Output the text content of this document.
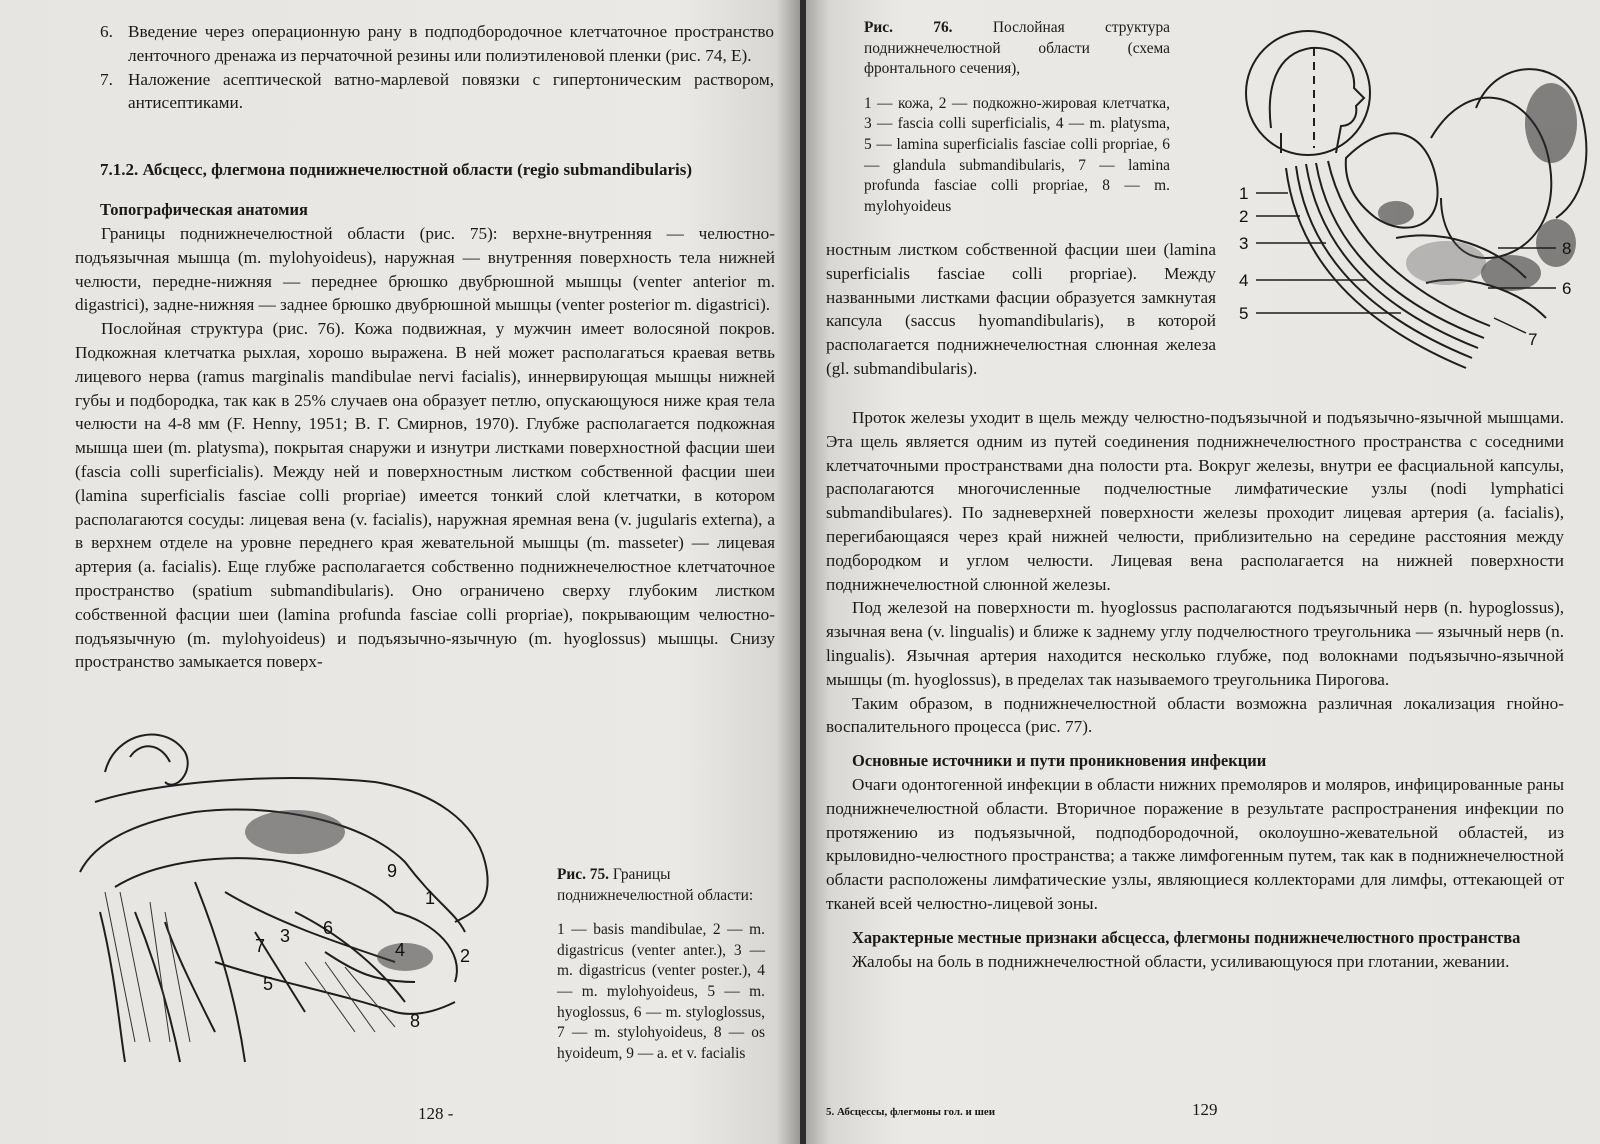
6. Введение через операционную рану в подподбородочное клетчаточное пространство ленточного дренажа из перчаточной резины или полиэтиленовой пленки (рис. 74, Е).
7. Наложение асептической ватно-марлевой повязки с гипертоническим раствором, антисептиками.
7.1.2. Абсцесс, флегмона поднижнечелюстной области (regio submandibularis)
Топографическая анатомия

Границы поднижнечелюстной области (рис. 75): верхне-внутренняя — челюстно-подъязычная мышца (m. mylohyoideus), наружная — внутренняя поверхность тела нижней челюсти, передне-нижняя — переднее брюшко двубрюшной мышцы (venter anterior m. digastrici), задне-нижняя — заднее брюшко двубрюшной мышцы (venter posterior m. digastrici).

Послойная структура (рис. 76). Кожа подвижная, у мужчин имеет волосяной покров. Подкожная клетчатка рыхлая, хорошо выражена. В ней может располагаться краевая ветвь лицевого нерва (ramus marginalis mandibulae nervi facialis), иннервирующая мышцы нижней губы и подбородка, так как в 25% случаев она образует петлю, опускающуюся ниже края тела челюсти на 4-8 мм (F. Henny, 1951; В. Г. Смирнов, 1970). Глубже располагается подкожная мышца шеи (m. platysma), покрытая снаружи и изнутри листками поверхностной фасции шеи (fascia colli superficialis). Между ней и поверхностным листком собственной фасции шеи (lamina superficialis fasciae colli propriae) имеется тонкий слой клетчатки, в котором располагаются сосуды: лицевая вена (v. facialis), наружная яремная вена (v. jugularis externa), а в верхнем отделе на уровне переднего края жевательной мышцы (m. masseter) — лицевая артерия (a. facialis). Еще глубже располагается собственно поднижнечелюстное клетчаточное пространство (spatium submandibularis). Оно ограничено сверху глубоким листком собственной фасции шеи (lamina profunda fasciae colli propriae), покрывающим челюстно-подъязычную (m. mylohyoideus) и подъязычно-язычную (m. hyoglossus) мышцы. Снизу пространство замыкается поверх-

9
1
2
3 6
4
7
5
8
Рис. 75. Границы поднижнечелюстной области:
1 — basis mandibulae, 2 — m. digastricus (venter anter.), 3 — m. digastricus (venter poster.), 4 — m. mylohyoideus, 5 — m. hyoglossus, 6 — m. styloglossus, 7 — m. stylohyoideus, 8 — os hyoideum, 9 — a. et v. facialis
128 -
Рис. 76.	Послойная структура поднижнечелюстной области (схема фронтального сечения),
1 — кожа, 2 — подкожно-жировая клетчатка, 3 — fascia colli superficialis, 4 — m. platysma, 5 — lamina superficialis fasciae colli propriae, 6 — glandula submandibularis, 7 — lamina profunda fasciae colli propriae, 8 — m. mylohyoideus
1
2
3
4
5
8
6
7

ностным листком собственной фасции шеи (lamina superficialis fasciae colli propriae). Между названными листками фасции образуется замкнутая капсула (saccus hyomandibularis), в которой располагается поднижнечелюстная слюнная железа (gl. submandibularis).

Проток железы уходит в щель между челюстно-подъязычной и подъязычно-язычной мышцами. Эта щель является одним из путей соединения поднижнечелюстного пространства с соседними клетчаточными пространствами дна полости рта. Вокруг железы, внутри ее фасциальной капсулы, располагаются многочисленные подчелюстные лимфатические узлы (nodi lymphatici submandibulares). По задневерхней поверхности железы проходит лицевая артерия (a. facialis), перегибающаяся через край нижней челюсти, приблизительно на середине расстояния между подбородком и углом челюсти. Лицевая вена располагается на нижней поверхности поднижнечелюстной слюнной железы.

Под железой на поверхности m. hyoglossus располагаются подъязычный нерв (n. hypoglossus), язычная вена (v. lingualis) и ближе к заднему углу подчелюстного треугольника — язычный нерв (n. lingualis). Язычная артерия находится несколько глубже, под волокнами подъязычно-язычной мышцы (m. hyoglossus), в пределах так называемого треугольника Пирогова.

Таким образом, в поднижнечелюстной области возможна различная локализация гнойно-воспалительного процесса (рис. 77).

Основные источники и пути проникновения инфекции

Очаги одонтогенной инфекции в области нижних премоляров и моляров, инфицированные раны поднижнечелюстной области. Вторичное поражение в результате распространения инфекции по протяжению из подъязычной, подподбородочной, околоушно-жевательной областей, из крыловидно-челюстного пространства; а также лимфогенным путем, так как в поднижнечелюстной области расположены лимфатические узлы, являющиеся коллекторами для лимфы, оттекающей от тканей всей челюстно-лицевой зоны.

Характерные местные признаки абсцесса, флегмоны поднижнечелюстного пространства

Жалобы на боль в поднижнечелюстной области, усиливающуюся при глотании, жевании.

5. Абсцессы, флегмоны гол. и шеи	129
